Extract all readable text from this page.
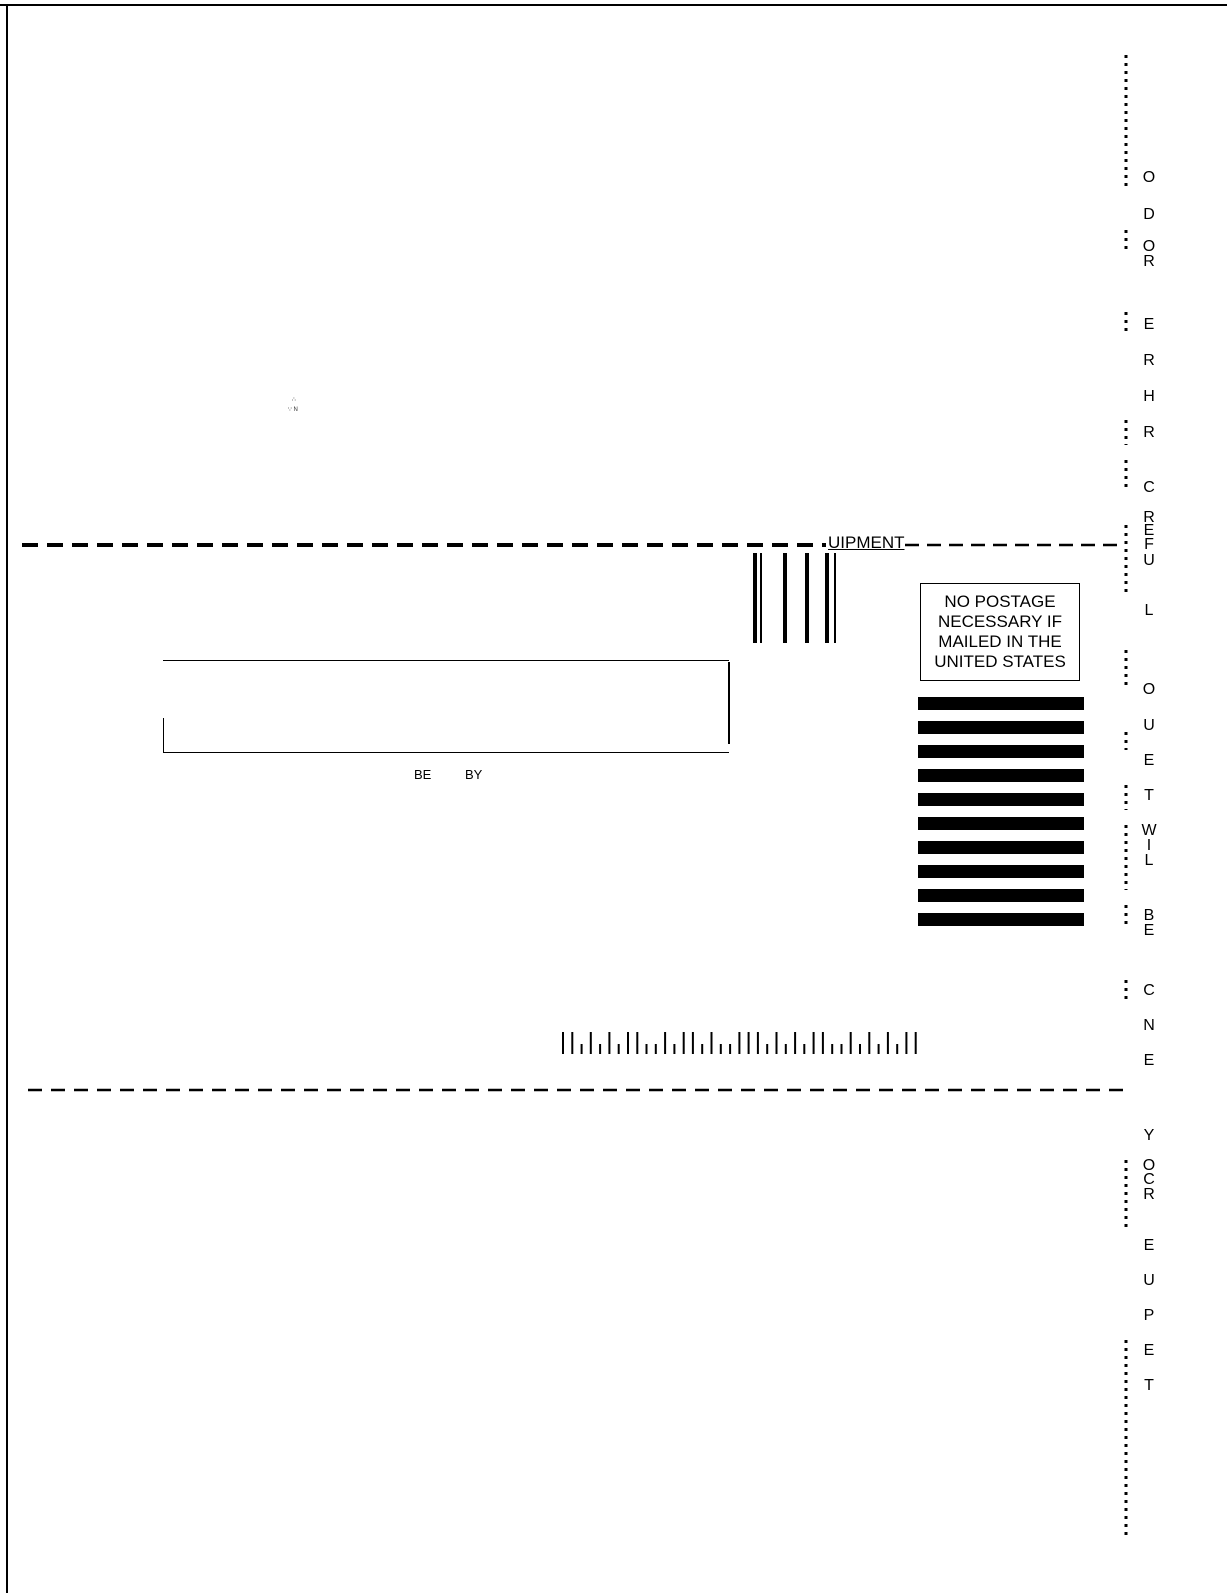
∴
∵ N
UIPMENT
NO POSTAGE
NECESSARY IF
MAILED IN THE
UNITED STATES
BE	BY
O
D
O
R
E
R
H
R
C
R
E
F
U
L
O
U
E
T
W
I
L
B
E
C
N
E
Y
O
C
R
E
U
P
E
T
